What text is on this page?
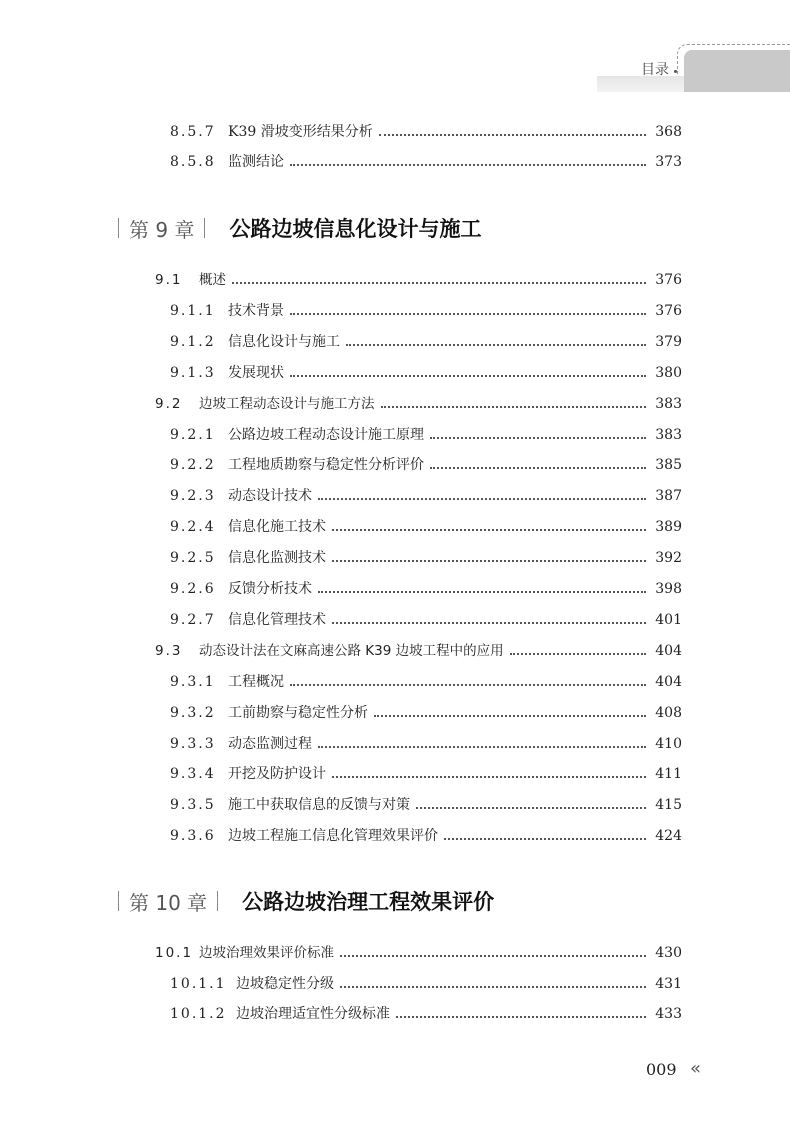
目录
8.5.7 K39 滑坡变形结果分析	368
8.5.8 监测结论	373
第 9 章 公路边坡信息化设计与施工
9.1	概述	376
9.1.1 技术背景	376
9.1.2 信息化设计与施工	379
9.1.3 发展现状	380
9.2	边坡工程动态设计与施工方法	383
9.2.1 公路边坡工程动态设计施工原理	383
9.2.2 工程地质勘察与稳定性分析评价	385
9.2.3 动态设计技术	387
9.2.4 信息化施工技术	389
9.2.5 信息化监测技术	392
9.2.6 反馈分析技术	398
9.2.7 信息化管理技术	401
9.3	动态设计法在文麻高速公路 K39 边坡工程中的应用	404
9.3.1 工程概况	404
9.3.2 工前勘察与稳定性分析	408
9.3.3 动态监测过程	410
9.3.4 开挖及防护设计	411
9.3.5 施工中获取信息的反馈与对策	415
9.3.6 边坡工程施工信息化管理效果评价	424
第 10 章 公路边坡治理工程效果评价
10.1 边坡治理效果评价标准	430
10.1.1 边坡稳定性分级	431
10.1.2 边坡治理适宜性分级标准	433
009 «
